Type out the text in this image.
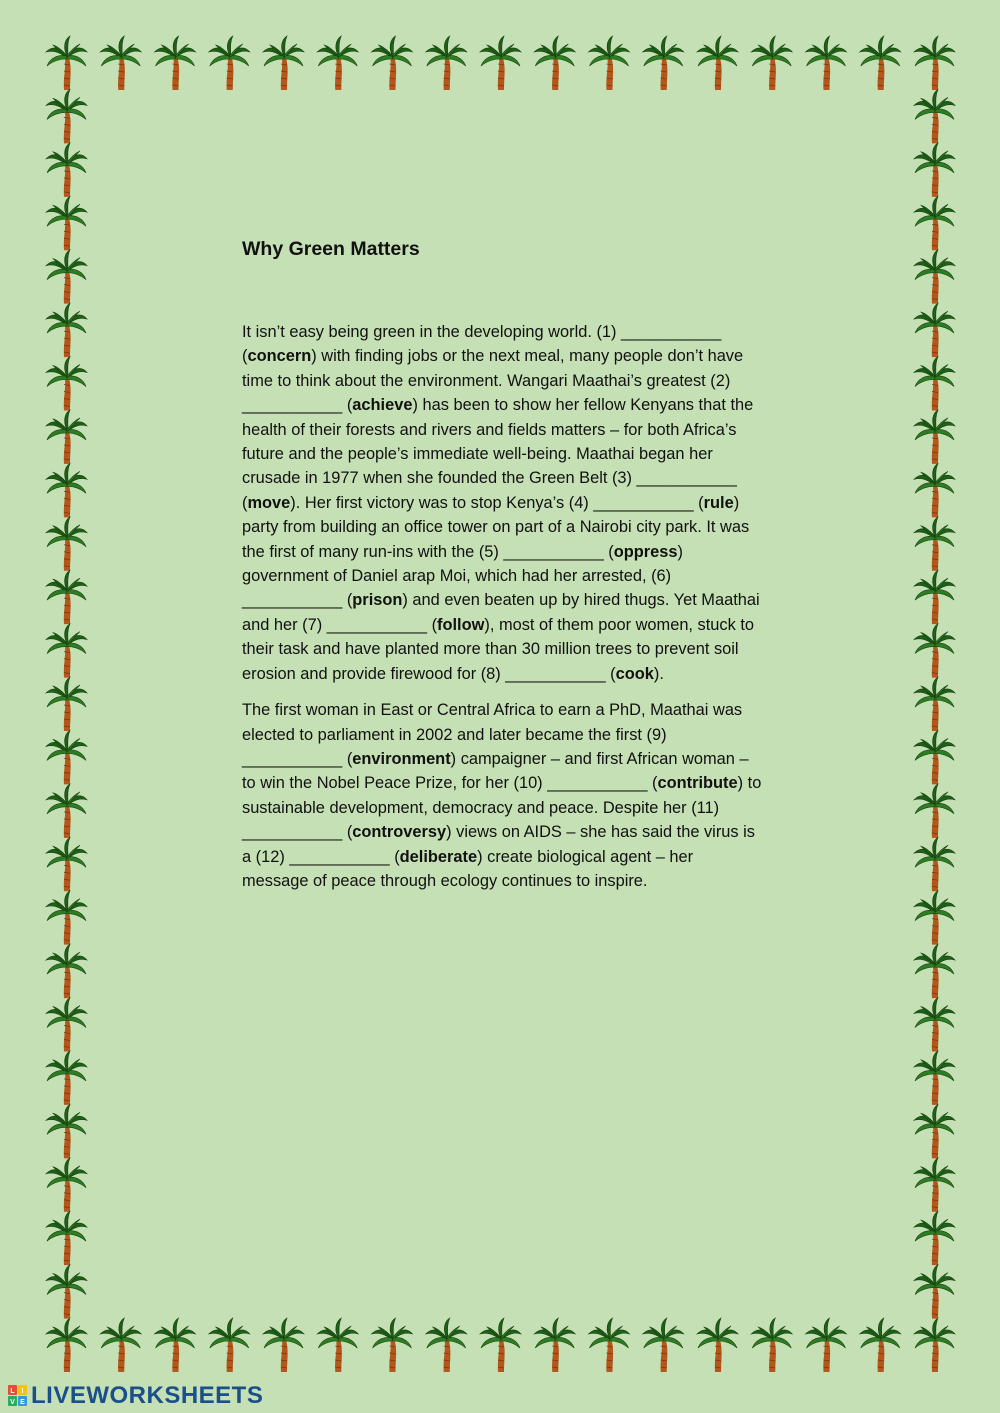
Why Green Matters

It isn’t easy being green in the developing world. (1) ___________ (concern) with finding jobs or the next meal, many people don’t have time to think about the environment. Wangari Maathai’s greatest (2) ___________ (achieve) has been to show her fellow Kenyans that the health of their forests and rivers and fields matters – for both Africa’s future and the people’s immediate well-being. Maathai began her crusade in 1977 when she founded the Green Belt (3) ___________ (move). Her first victory was to stop Kenya’s (4) ___________ (rule) party from building an office tower on part of a Nairobi city park. It was the first of many run-ins with the (5) ___________ (oppress) government of Daniel arap Moi, which had her arrested, (6) ___________ (prison) and even beaten up by hired thugs. Yet Maathai and her (7) ___________ (follow), most of them poor women, stuck to their task and have planted more than 30 million trees to prevent soil erosion and provide firewood for (8) ___________ (cook).

The first woman in East or Central Africa to earn a PhD, Maathai was elected to parliament in 2002 and later became the first (9) ___________ (environment) campaigner – and first African woman – to win the Nobel Peace Prize, for her (10) ___________ (contribute) to sustainable development, democracy and peace. Despite her (11) ___________ (controversy) views on AIDS – she has said the virus is a (12) ___________ (deliberate) create biological agent – her message of peace through ecology continues to inspire.

L I
V E LIVEWORKSHEETS
